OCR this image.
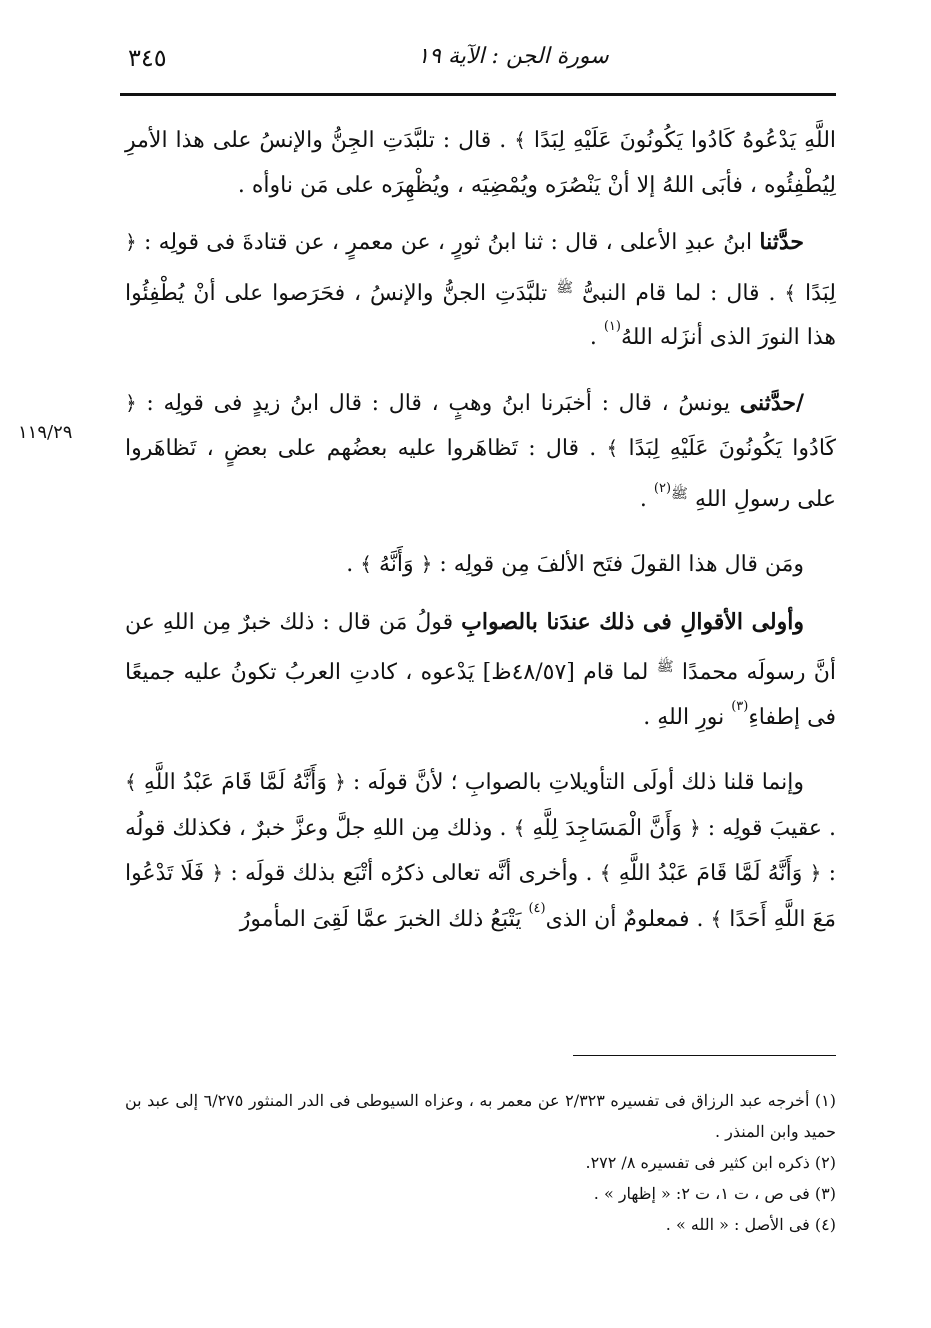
٣٤٥	سورة الجن : الآية ١٩
١١٩/٢٩

اللَّهِ يَدْعُوهُ كَادُوا يَكُونُونَ عَلَيْهِ لِبَدًا ﴾ . قال : تلبَّدَتِ الجِنُّ والإنسُ على هذا الأمرِ لِيُطْفِئُوه ، فأبَى اللهُ إلا أنْ يَنْصُرَه ويُمْضِيَه ، ويُظْهِرَه على مَن ناوأه .

حدَّثنا ابنُ عبدِ الأعلى ، قال : ثنا ابنُ ثورٍ ، عن معمرٍ ، عن قتادةَ فى قولِه : ﴿ لِبَدًا ﴾ . قال : لما قام النبىُّ $^ﷺ$ تلبَّدَتِ الجنُّ والإنسُ ، فحَرَصوا على أنْ يُطْفِئُوا هذا النورَ الذى أنزَله اللهُ$^{(١)}$ .

/حدَّثنى يونسُ ، قال : أخبَرنا ابنُ وهبٍ ، قال : قال ابنُ زيدٍ فى قولِه : ﴿ كَادُوا يَكُونُونَ عَلَيْهِ لِبَدًا ﴾ . قال : تَظاهَروا عليه بعضُهم على بعضٍ ، تَظاهَروا على رسولِ اللهِ $^{ﷺ(٢)}$ .

ومَن قال هذا القولَ فتَح الألفَ مِن قولِه : ﴿ وَأَنَّهُ ﴾ .

وأولى الأقوالِ فى ذلك عندَنا بالصوابِ قولُ مَن قال : ذلك خبرٌ مِن اللهِ عن أنَّ رسولَه محمدًا $^ﷺ$ لما قام [٤٨/٥٧ظ] يَدْعوه ، كادتِ العربُ تكونُ عليه جميعًا فى إطفاءِ$^{(٣)}$ نورِ اللهِ .

وإنما قلنا ذلك أولَى التأويلاتِ بالصوابِ ؛ لأنَّ قولَه : ﴿ وَأَنَّهُ لَمَّا قَامَ عَبْدُ اللَّهِ ﴾ . عقيبَ قولِه : ﴿ وَأَنَّ الْمَسَاجِدَ لِلَّهِ ﴾ . وذلك مِن اللهِ جلَّ وعزَّ خبرٌ ، فكذلك قولُه : ﴿ وَأَنَّهُ لَمَّا قَامَ عَبْدُ اللَّهِ ﴾ . وأخرى أنَّه تعالى ذكرُه أتْبَع بذلك قولَه : ﴿ فَلَا تَدْعُوا مَعَ اللَّهِ أَحَدًا ﴾ . فمعلومٌ أن الذى$^{(٤)}$ يَتْبَعُ ذلك الخبرَ عمَّا لَقِىَ المأمورُ

(١) أخرجه عبد الرزاق فى تفسيره ٢/٣٢٣ عن معمر به ، وعزاه السيوطى فى الدر المنثور ٦/٢٧٥ إلى عبد بن حميد وابن المنذر .

(٢) ذكره ابن كثير فى تفسيره ٨/ ٢٧٢.

(٣) فى ص ، ت ١، ت ٢: « إظهار » .

(٤) فى الأصل : « الله » .
